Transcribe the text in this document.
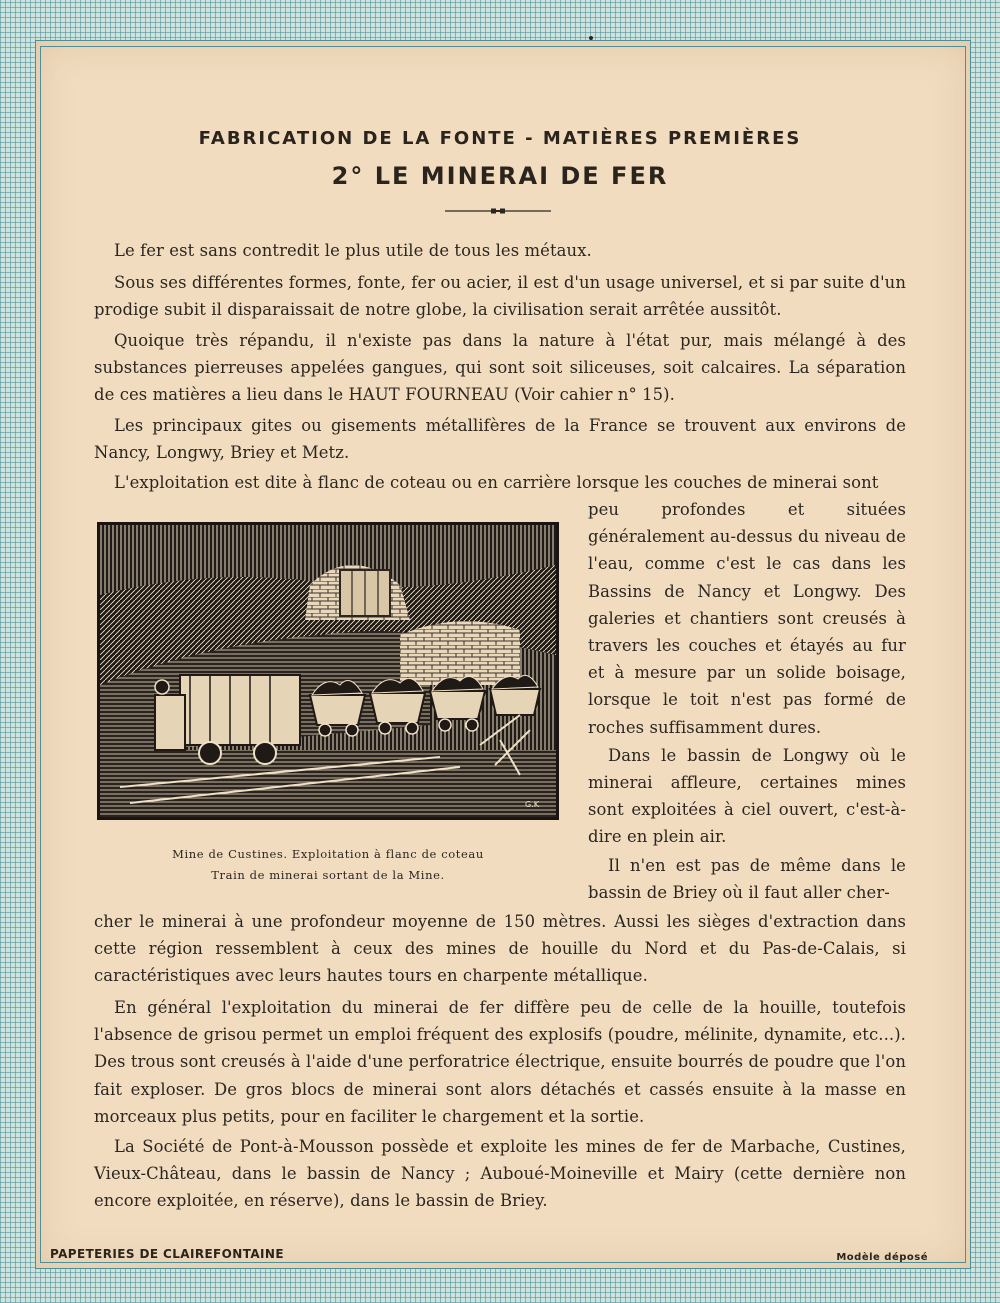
FABRICATION DE LA FONTE - MATIÈRES PREMIÈRES
2° LE MINERAI DE FER

Le fer est sans contredit le plus utile de tous les métaux.

Sous ses différentes formes, fonte, fer ou acier, il est d'un usage universel, et si par suite d'un prodige subit il disparaissait de notre globe, la civilisation serait arrêtée aussitôt.

Quoique très répandu, il n'existe pas dans la nature à l'état pur, mais mélangé à des substances pierreuses appelées gangues, qui sont soit siliceuses, soit calcaires. La séparation de ces matières a lieu dans le HAUT FOURNEAU (Voir cahier n° 15).

Les principaux gites ou gisements métallifères de la France se trouvent aux environs de Nancy, Longwy, Briey et Metz.

L'exploitation est dite à flanc de coteau ou en carrière lorsque les couches de minerai sont

peu profondes et situées généralement au-dessus du niveau de l'eau, comme c'est le cas dans les Bassins de Nancy et Longwy. Des galeries et chantiers sont creusés à travers les couches et étayés au fur et à mesure par un solide boisage, lorsque le toit n'est pas formé de roches suffisamment dures.

Dans le bassin de Longwy où le minerai affleure, certaines mines sont exploitées à ciel ouvert, c'est-à-dire en plein air.

Il n'en est pas de même dans le bassin de Briey où il faut aller cher-

G.K
Mine de Custines. Exploitation à flanc de coteau
Train de minerai sortant de la Mine.

cher le minerai à une profondeur moyenne de 150 mètres. Aussi les sièges d'extraction dans cette région ressemblent à ceux des mines de houille du Nord et du Pas-de-Calais, si caractéristiques avec leurs hautes tours en charpente métallique.

En général l'exploitation du minerai de fer diffère peu de celle de la houille, toutefois l'absence de grisou permet un emploi fréquent des explosifs (poudre, mélinite, dynamite, etc...). Des trous sont creusés à l'aide d'une perforatrice électrique, ensuite bourrés de poudre que l'on fait exploser. De gros blocs de minerai sont alors détachés et cassés ensuite à la masse en morceaux plus petits, pour en faciliter le chargement et la sortie.

La Société de Pont-à-Mousson possède et exploite les mines de fer de Marbache, Custines, Vieux-Château, dans le bassin de Nancy ; Auboué-Moineville et Mairy (cette dernière non encore exploitée, en réserve), dans le bassin de Briey.

PAPETERIES DE CLAIREFONTAINE	Modèle déposé
